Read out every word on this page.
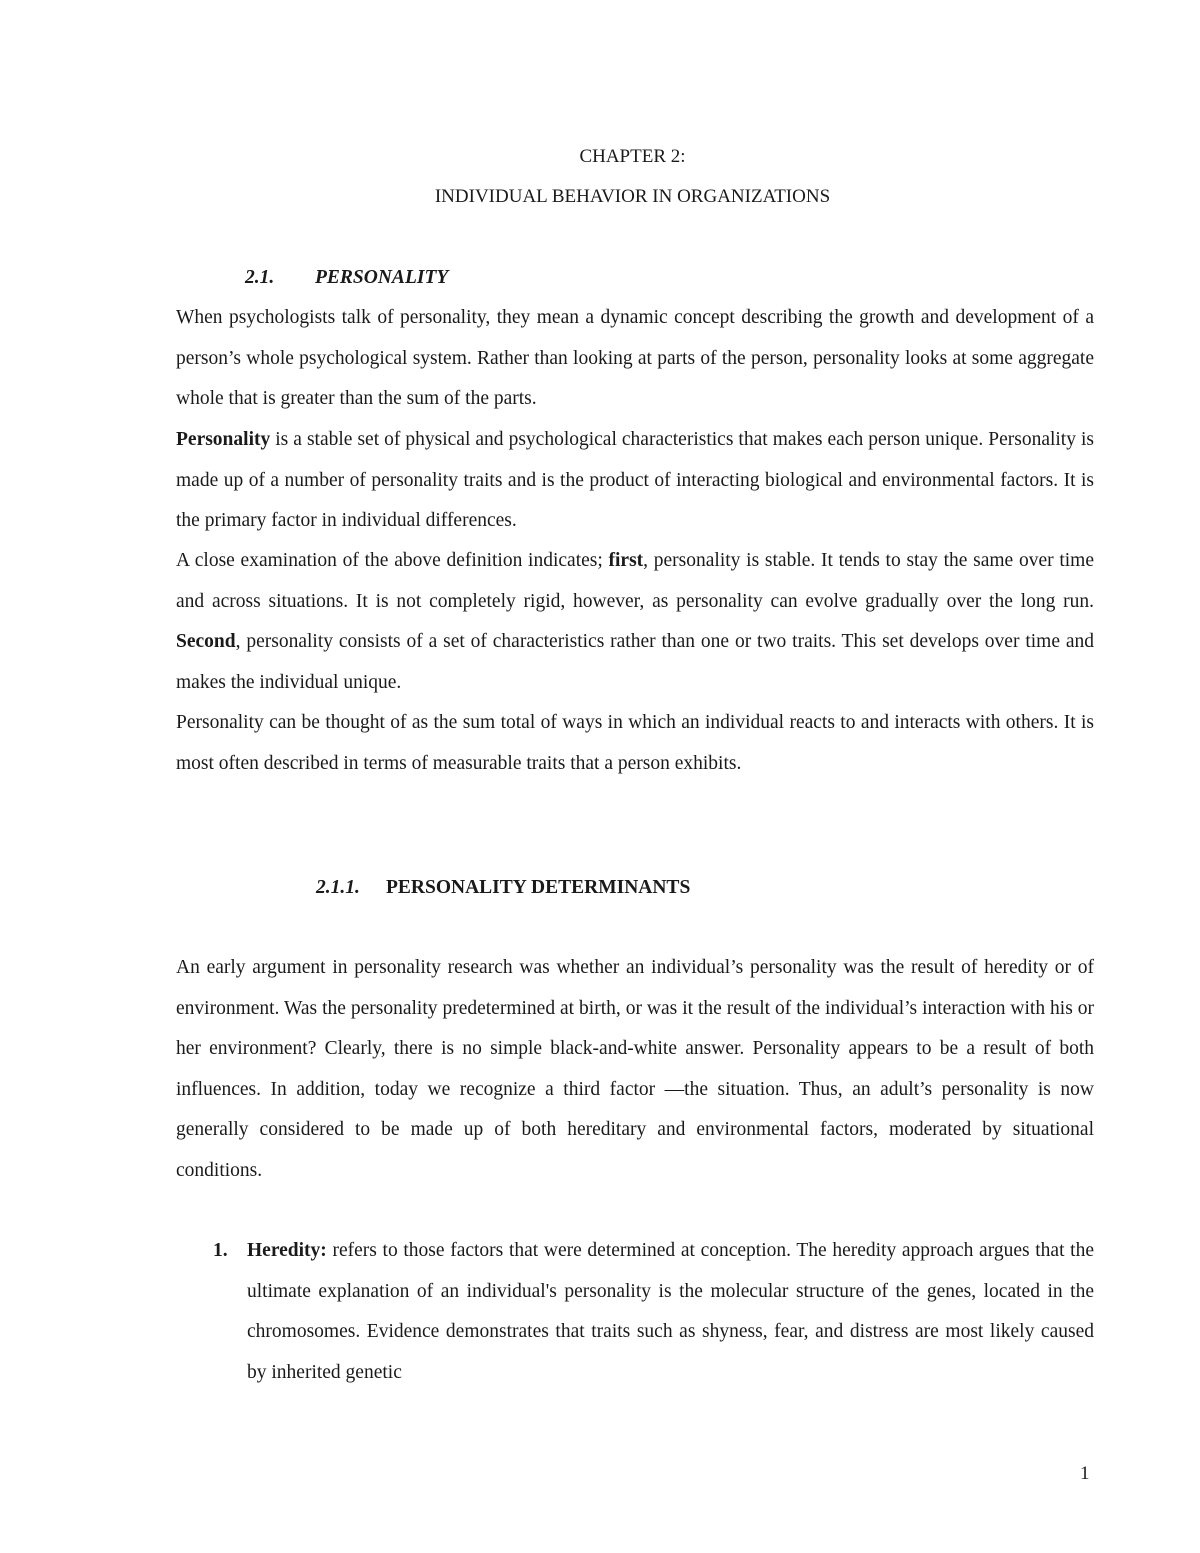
CHAPTER 2:
INDIVIDUAL BEHAVIOR IN ORGANIZATIONS
2.1. PERSONALITY

When psychologists talk of personality, they mean a dynamic concept describing the growth and development of a person’s whole psychological system. Rather than looking at parts of the person, personality looks at some aggregate whole that is greater than the sum of the parts.

Personality is a stable set of physical and psychological characteristics that makes each person unique. Personality is made up of a number of personality traits and is the product of interacting biological and environmental factors. It is the primary factor in individual differences.

A close examination of the above definition indicates; first, personality is stable. It tends to stay the same over time and across situations. It is not completely rigid, however, as personality can evolve gradually over the long run. Second, personality consists of a set of characteristics rather than one or two traits. This set develops over time and makes the individual unique.

Personality can be thought of as the sum total of ways in which an individual reacts to and interacts with others. It is most often described in terms of measurable traits that a person exhibits.

2.1.1. PERSONALITY DETERMINANTS

An early argument in personality research was whether an individual’s personality was the result of heredity or of environment. Was the personality predetermined at birth, or was it the result of the individual’s interaction with his or her environment? Clearly, there is no simple black-and-white answer. Personality appears to be a result of both influences. In addition, today we recognize a third factor —the situation. Thus, an adult’s personality is now generally considered to be made up of both hereditary and environmental factors, moderated by situational conditions.

1. Heredity: refers to those factors that were determined at conception. The heredity approach argues that the ultimate explanation of an individual's personality is the molecular structure of the genes, located in the chromosomes. Evidence demonstrates that traits such as shyness, fear, and distress are most likely caused by inherited genetic
1
